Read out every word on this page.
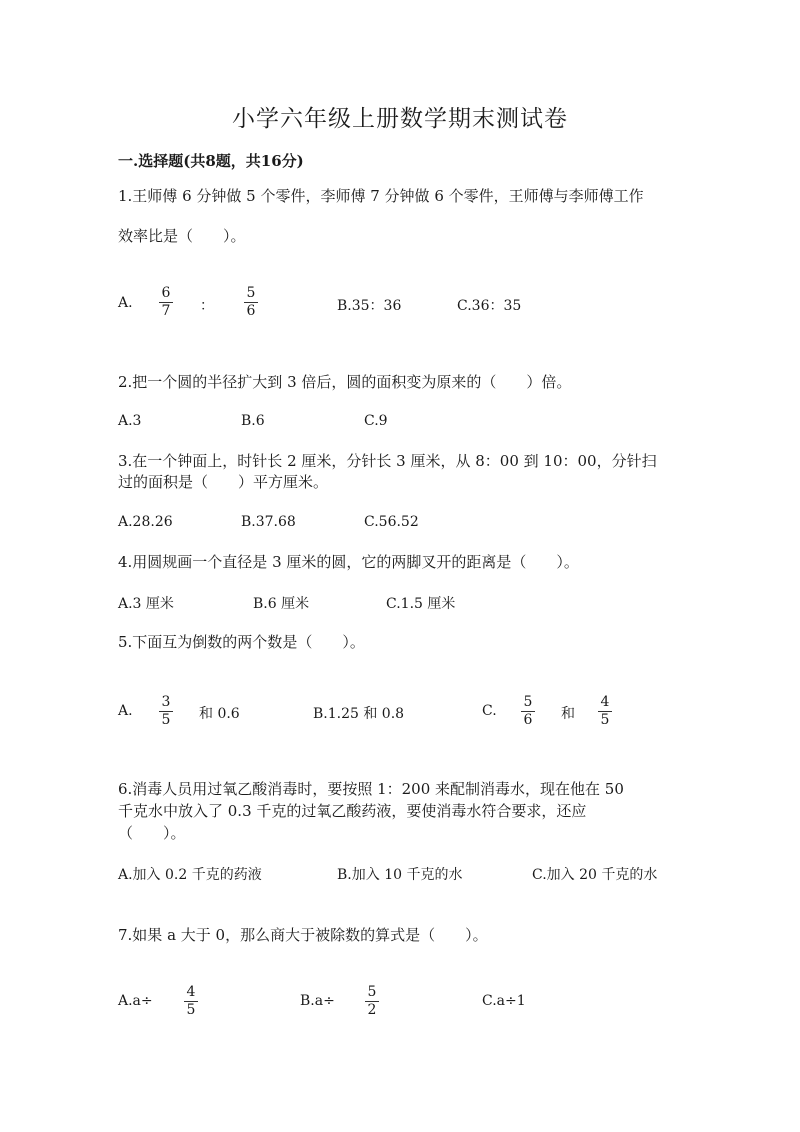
小学六年级上册数学期末测试卷
一.选择题(共8题，共16分)
1.王师傅 6 分钟做 5 个零件，李师傅 7 分钟做 6 个零件，王师傅与李师傅工作
效率比是（　　）。
A.
6
7 ：
5
6	B.35：36	C.36：35
2.把一个圆的半径扩大到 3 倍后，圆的面积变为原来的（　　）倍。
A.3	B.6	C.9
3.在一个钟面上，时针长 2 厘米，分针长 3 厘米，从 8：00 到 10：00，分针扫
过的面积是（　　）平方厘米。
A.28.26	B.37.68	C.56.52
4.用圆规画一个直径是 3 厘米的圆，它的两脚叉开的距离是（　　）。
A.3 厘米	B.6 厘米	C.1.5 厘米
5.下面互为倒数的两个数是（　　）。
A.
3
5 和 0.6	B.1.25 和 0.8	C.
5
6 和
4
5
6.消毒人员用过氧乙酸消毒时，要按照 1：200 来配制消毒水，现在他在 50
千克水中放入了 0.3 千克的过氧乙酸药液，要使消毒水符合要求，还应
（　　）。
A.加入 0.2 千克的药液	B.加入 10 千克的水	C.加入 20 千克的水
7.如果 a 大于 0，那么商大于被除数的算式是（　　）。
A.a÷
4
5
B.a÷
5
2
C.a÷1
